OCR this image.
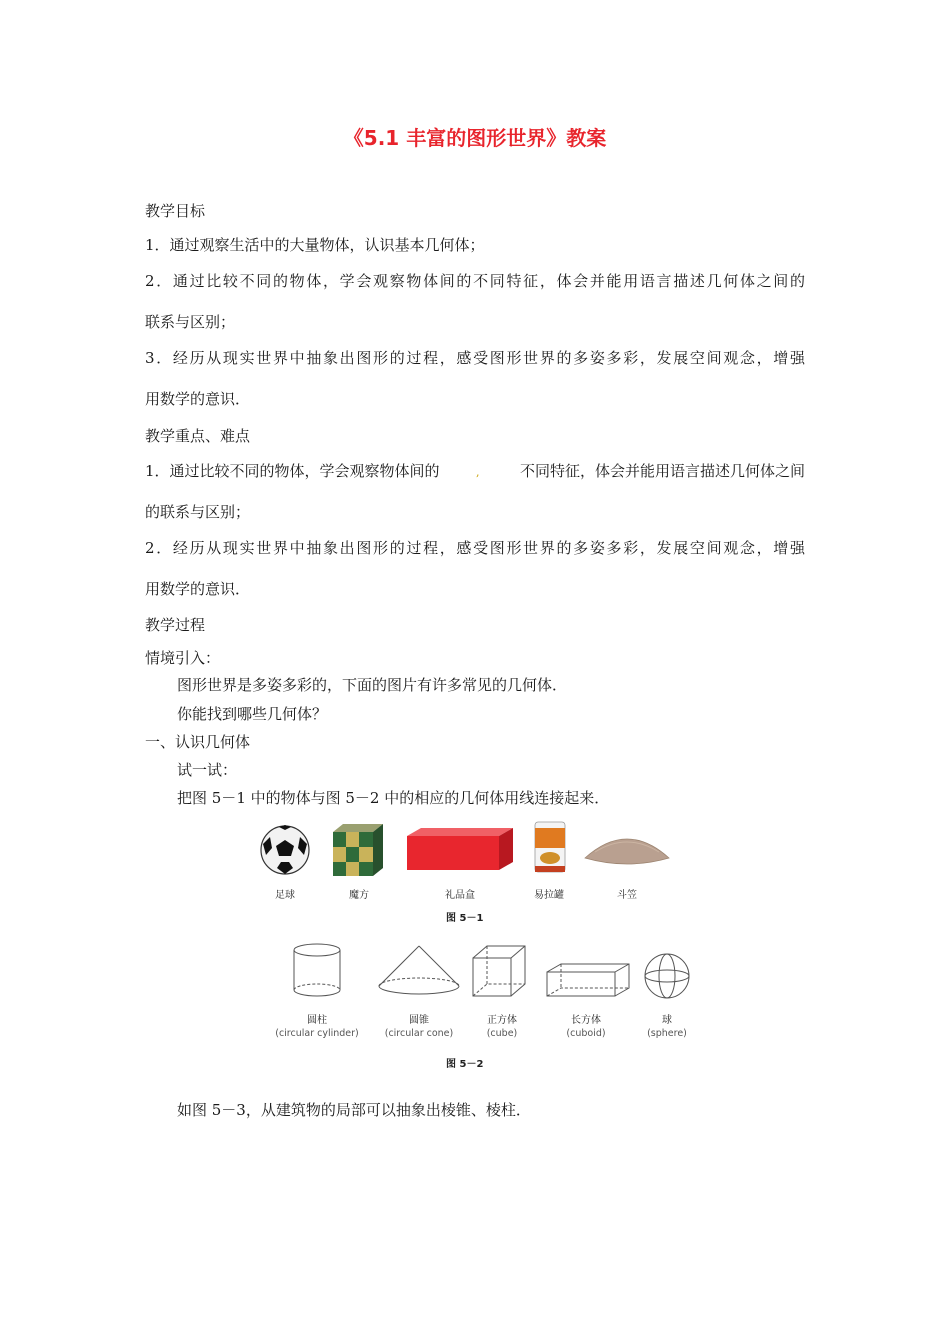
《5.1 丰富的图形世界》教案
教学目标
1．通过观察生活中的大量物体，认识基本几何体；
2．通过比较不同的物体，学会观察物体间的不同特征，体会并能用语言描述几何体之间的
联系与区别；
3．经历从现实世界中抽象出图形的过程，感受图形世界的多姿多彩，发展空间观念，增强
用数学的意识．
教学重点、难点
1．通过比较不同的物体，学会观察物体间的	不同特征，体会并能用语言描述几何体之间
,
的联系与区别；
2．经历从现实世界中抽象出图形的过程，感受图形世界的多姿多彩，发展空间观念，增强
用数学的意识．
教学过程
情境引入：
图形世界是多姿多彩的，下面的图片有许多常见的几何体．
你能找到哪些几何体？
一、认识几何体
试一试：
把图 5－1 中的物体与图 5－2 中的相应的几何体用线连接起来．
足球	魔方	礼品盒	易拉罐	斗笠
图 5－1
圆柱
(circular cylinder)
圆锥
(circular cone)
正方体
(cube)
长方体
(cuboid)
球
(sphere)
图 5－2
如图 5－3，从建筑物的局部可以抽象出棱锥、棱柱．
